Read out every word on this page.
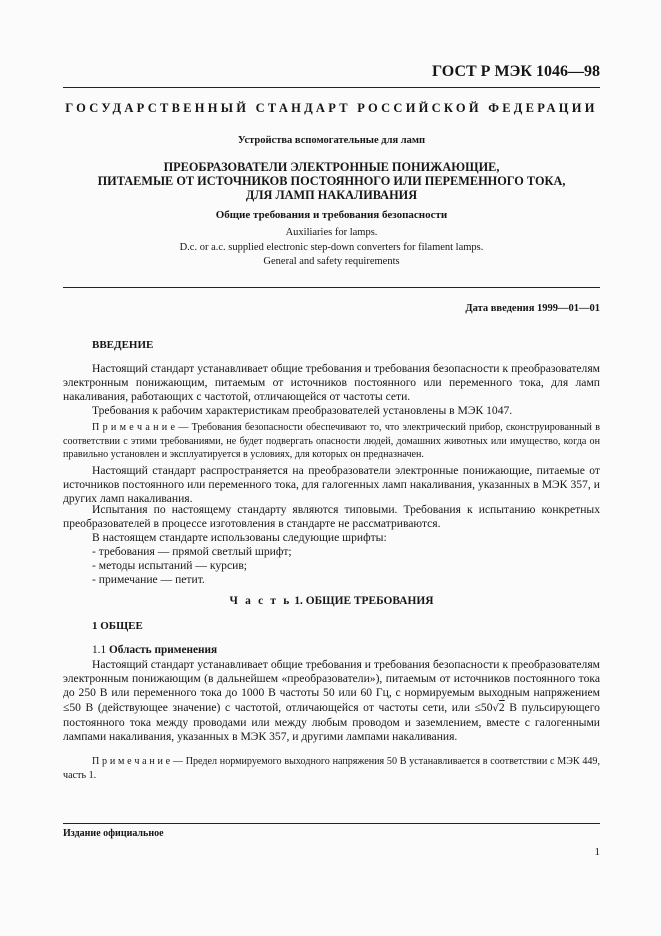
ГОСТ Р МЭК 1046—98
ГОСУДАРСТВЕННЫЙ СТАНДАРТ РОССИЙСКОЙ ФЕДЕРАЦИИ
Устройства вспомогательные для ламп
ПРЕОБРАЗОВАТЕЛИ ЭЛЕКТРОННЫЕ ПОНИЖАЮЩИЕ,
ПИТАЕМЫЕ ОТ ИСТОЧНИКОВ ПОСТОЯННОГО ИЛИ ПЕРЕМЕННОГО ТОКА,
ДЛЯ ЛАМП НАКАЛИВАНИЯ
Общие требования и требования безопасности
Auxiliaries for lamps.
D.c. or a.c. supplied electronic step-down converters for filament lamps.
General and safety requirements
Дата введения 1999—01—01
ВВЕДЕНИЕ

Настоящий стандарт устанавливает общие требования и требования безопасности к преобразователям электронным понижающим, питаемым от источников постоянного или переменного тока, для ламп накаливания, работающих с частотой, отличающейся от частоты сети.

Требования к рабочим характеристикам преобразователей установлены в МЭК 1047.

П р и м е ч а н и е — Требования безопасности обеспечивают то, что электрический прибор, сконструированный в соответствии с этими требованиями, не будет подвергать опасности людей, домашних животных или имущество, когда он правильно установлен и эксплуатируется в условиях, для которых он предназначен.

Настоящий стандарт распространяется на преобразователи электронные понижающие, питаемые от источников постоянного или переменного тока, для галогенных ламп накаливания, указанных в МЭК 357, и других ламп накаливания.

Испытания по настоящему стандарту являются типовыми. Требования к испытанию конкретных преобразователей в процессе изготовления в стандарте не рассматриваются.

В настоящем стандарте использованы следующие шрифты:

- требования — прямой светлый шрифт;
- методы испытаний — курсив;
- примечание — петит.
Ч а с т ь 1. ОБЩИЕ ТРЕБОВАНИЯ
1 ОБЩЕЕ
1.1 Область применения

Настоящий стандарт устанавливает общие требования и требования безопасности к преобразователям электронным понижающим (в дальнейшем «преобразователи»), питаемым от источников постоянного тока до 250 В или переменного тока до 1000 В частоты 50 или 60 Гц, с нормируемым выходным напряжением ≤50 В (действующее значение) с частотой, отличающейся от частоты сети, или ≤50√2 В пульсирующего постоянного тока между проводами или между любым проводом и заземлением, вместе с галогенными лампами накаливания, указанных в МЭК 357, и другими лампами накаливания.

П р и м е ч а н и е — Предел нормируемого выходного напряжения 50 В устанавливается в соответствии с МЭК 449, часть 1.

Издание официальное
1
